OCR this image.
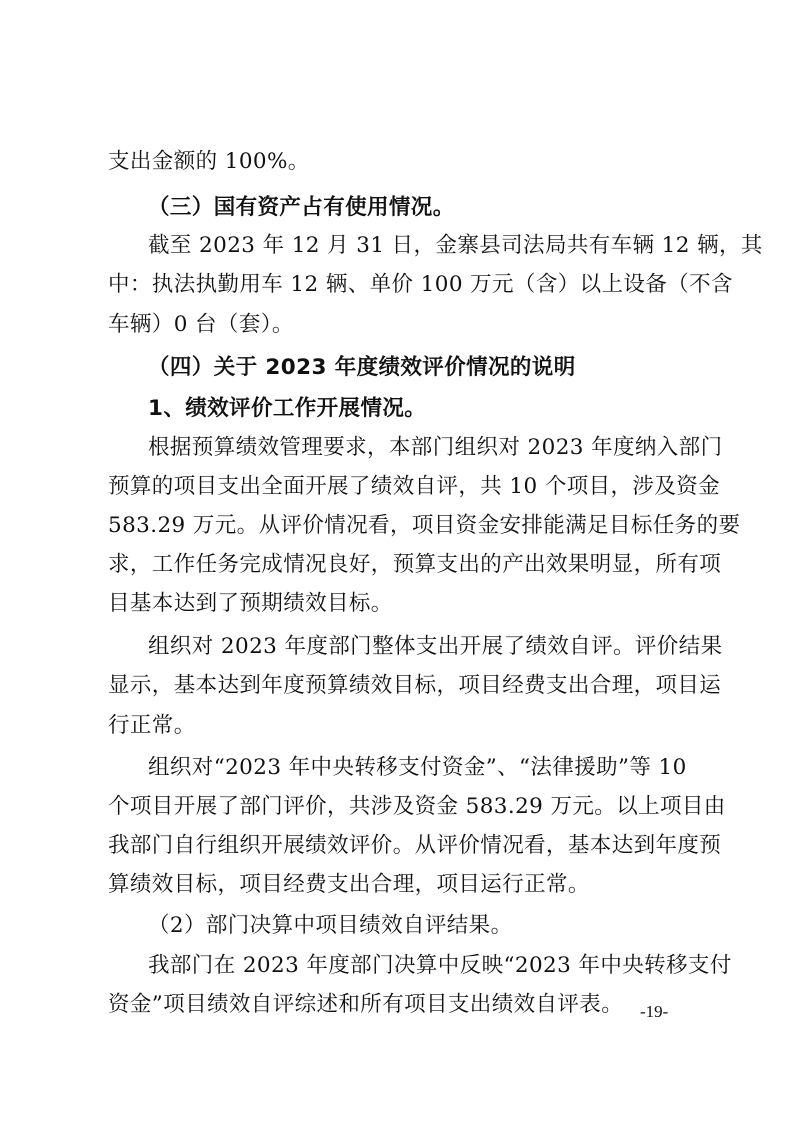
支出金额的 100%。
（三）国有资产占有使用情况。
截至 2023 年 12 月 31 日，金寨县司法局共有车辆 12 辆，其
中：执法执勤用车 12 辆、单价 100 万元（含）以上设备（不含
车辆）0 台（套）。
（四）关于 2023 年度绩效评价情况的说明
1、绩效评价工作开展情况。
根据预算绩效管理要求，本部门组织对 2023 年度纳入部门
预算的项目支出全面开展了绩效自评，共 10 个项目，涉及资金
583.29 万元。从评价情况看，项目资金安排能满足目标任务的要
求，工作任务完成情况良好，预算支出的产出效果明显，所有项
目基本达到了预期绩效目标。
组织对 2023 年度部门整体支出开展了绩效自评。评价结果
显示，基本达到年度预算绩效目标，项目经费支出合理，项目运
行正常。
组织对“2023 年中央转移支付资金”、“法律援助”等 10
个项目开展了部门评价，共涉及资金 583.29 万元。以上项目由
我部门自行组织开展绩效评价。从评价情况看，基本达到年度预
算绩效目标，项目经费支出合理，项目运行正常。
（2）部门决算中项目绩效自评结果。
我部门在 2023 年度部门决算中反映“2023 年中央转移支付
资金”项目绩效自评综述和所有项目支出绩效自评表。 -19-
